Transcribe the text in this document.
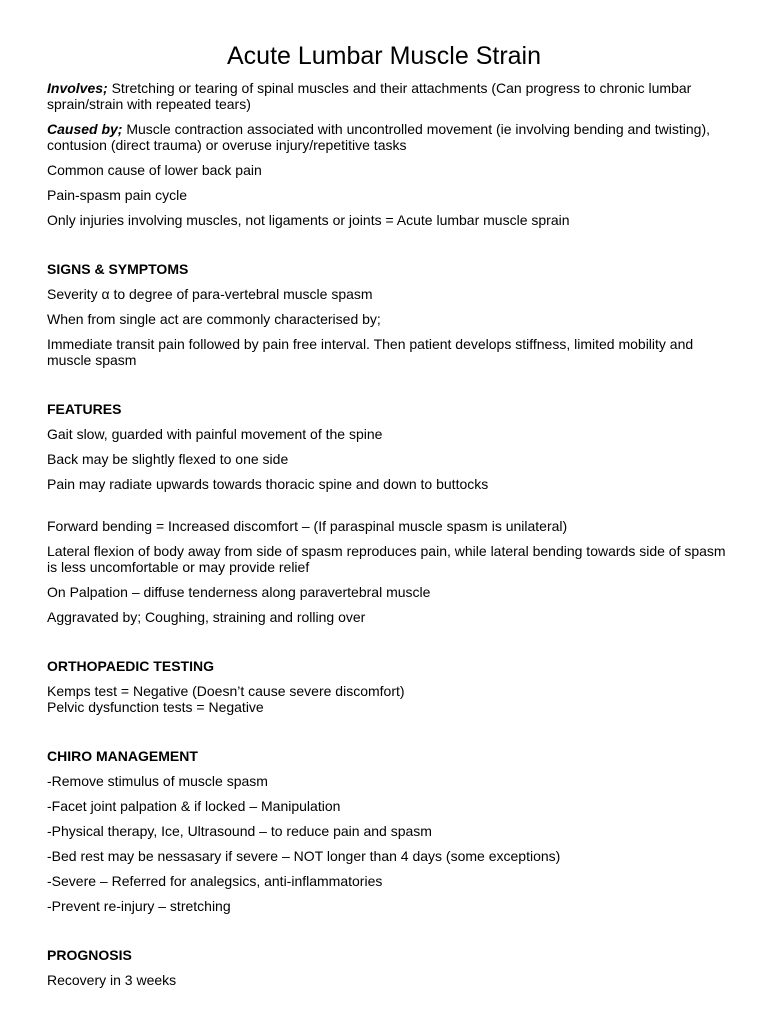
Acute Lumbar Muscle Strain

Involves; Stretching or tearing of spinal muscles and their attachments (Can progress to chronic lumbar sprain/strain with repeated tears)

Caused by; Muscle contraction associated with uncontrolled movement (ie involving bending and twisting), contusion (direct trauma) or overuse injury/repetitive tasks

Common cause of lower back pain

Pain-spasm pain cycle

Only injuries involving muscles, not ligaments or joints = Acute lumbar muscle sprain

SIGNS & SYMPTOMS

Severity α to degree of para-vertebral muscle spasm

When from single act are commonly characterised by;

Immediate transit pain followed by pain free interval. Then patient develops stiffness, limited mobility and muscle spasm

FEATURES

Gait slow, guarded with painful movement of the spine

Back may be slightly flexed to one side

Pain may radiate upwards towards thoracic spine and down to buttocks

Forward bending = Increased discomfort – (If paraspinal muscle spasm is unilateral)

Lateral flexion of body away from side of spasm reproduces pain, while lateral bending towards side of spasm is less uncomfortable or may provide relief

On Palpation – diffuse tenderness along paravertebral muscle

Aggravated by; Coughing, straining and rolling over

ORTHOPAEDIC TESTING

Kemps test = Negative (Doesn’t cause severe discomfort)

Pelvic dysfunction tests = Negative

CHIRO MANAGEMENT

-Remove stimulus of muscle spasm

-Facet joint palpation & if locked – Manipulation

-Physical therapy, Ice, Ultrasound – to reduce pain and spasm

-Bed rest may be nessasary if severe – NOT longer than 4 days (some exceptions)

-Severe – Referred for analegsics, anti-inflammatories

-Prevent re-injury – stretching

PROGNOSIS

Recovery in 3 weeks
